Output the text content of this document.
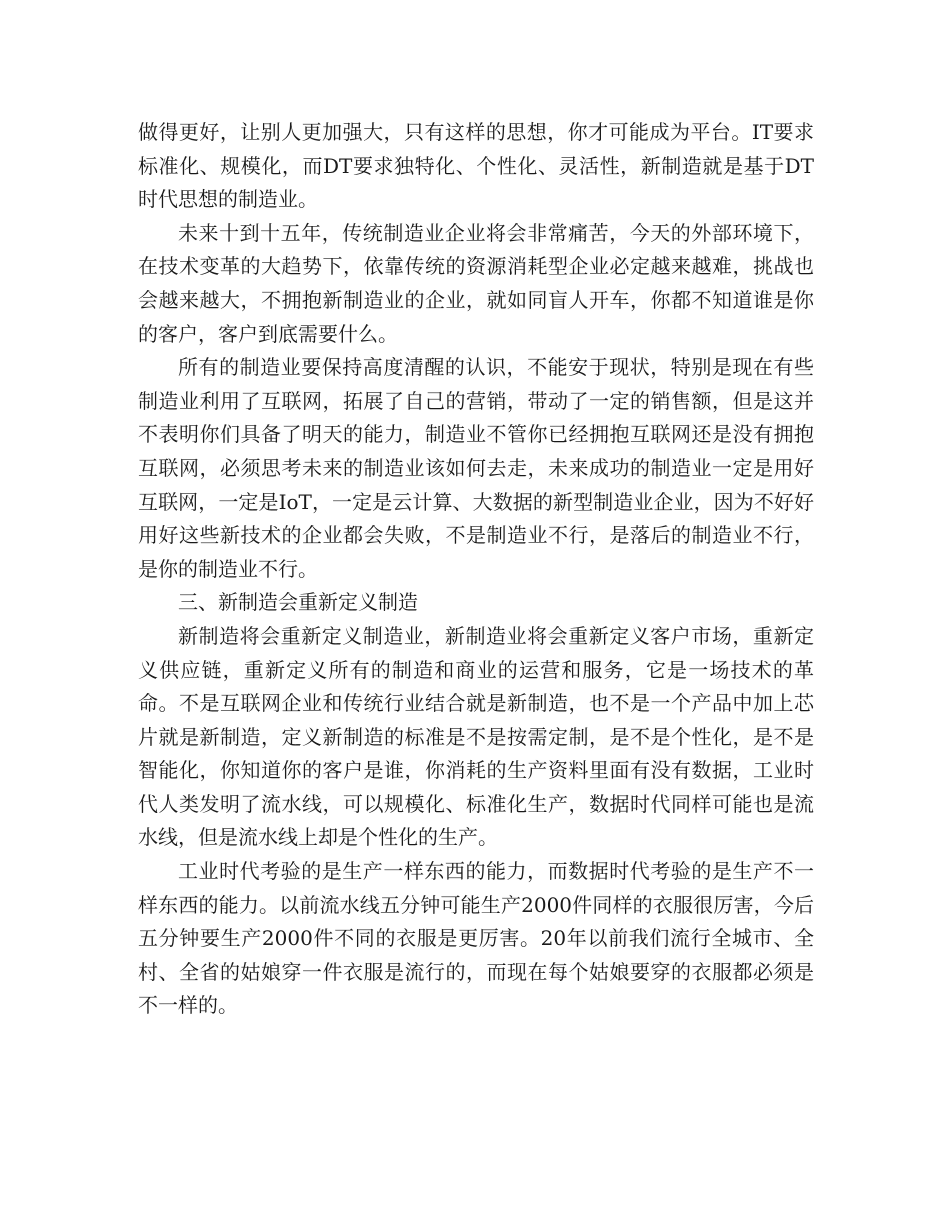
做得更好，让别人更加强大，只有这样的思想，你才可能成为平台。IT要求标准化、规模化，而DT要求独特化、个性化、灵活性，新制造就是基于DT时代思想的制造业。

未来十到十五年，传统制造业企业将会非常痛苦，今天的外部环境下，在技术变革的大趋势下，依靠传统的资源消耗型企业必定越来越难，挑战也会越来越大，不拥抱新制造业的企业，就如同盲人开车，你都不知道谁是你的客户，客户到底需要什么。

所有的制造业要保持高度清醒的认识，不能安于现状，特别是现在有些制造业利用了互联网，拓展了自己的营销，带动了一定的销售额，但是这并不表明你们具备了明天的能力，制造业不管你已经拥抱互联网还是没有拥抱互联网，必须思考未来的制造业该如何去走，未来成功的制造业一定是用好互联网，一定是IoT，一定是云计算、大数据的新型制造业企业，因为不好好用好这些新技术的企业都会失败，不是制造业不行，是落后的制造业不行，是你的制造业不行。

三、新制造会重新定义制造

新制造将会重新定义制造业，新制造业将会重新定义客户市场，重新定义供应链，重新定义所有的制造和商业的运营和服务，它是一场技术的革命。不是互联网企业和传统行业结合就是新制造，也不是一个产品中加上芯片就是新制造，定义新制造的标准是不是按需定制，是不是个性化，是不是智能化，你知道你的客户是谁，你消耗的生产资料里面有没有数据，工业时代人类发明了流水线，可以规模化、标准化生产，数据时代同样可能也是流水线，但是流水线上却是个性化的生产。

工业时代考验的是生产一样东西的能力，而数据时代考验的是生产不一样东西的能力。以前流水线五分钟可能生产2000件同样的衣服很厉害，今后五分钟要生产2000件不同的衣服是更厉害。20年以前我们流行全城市、全村、全省的姑娘穿一件衣服是流行的，而现在每个姑娘要穿的衣服都必须是不一样的。
